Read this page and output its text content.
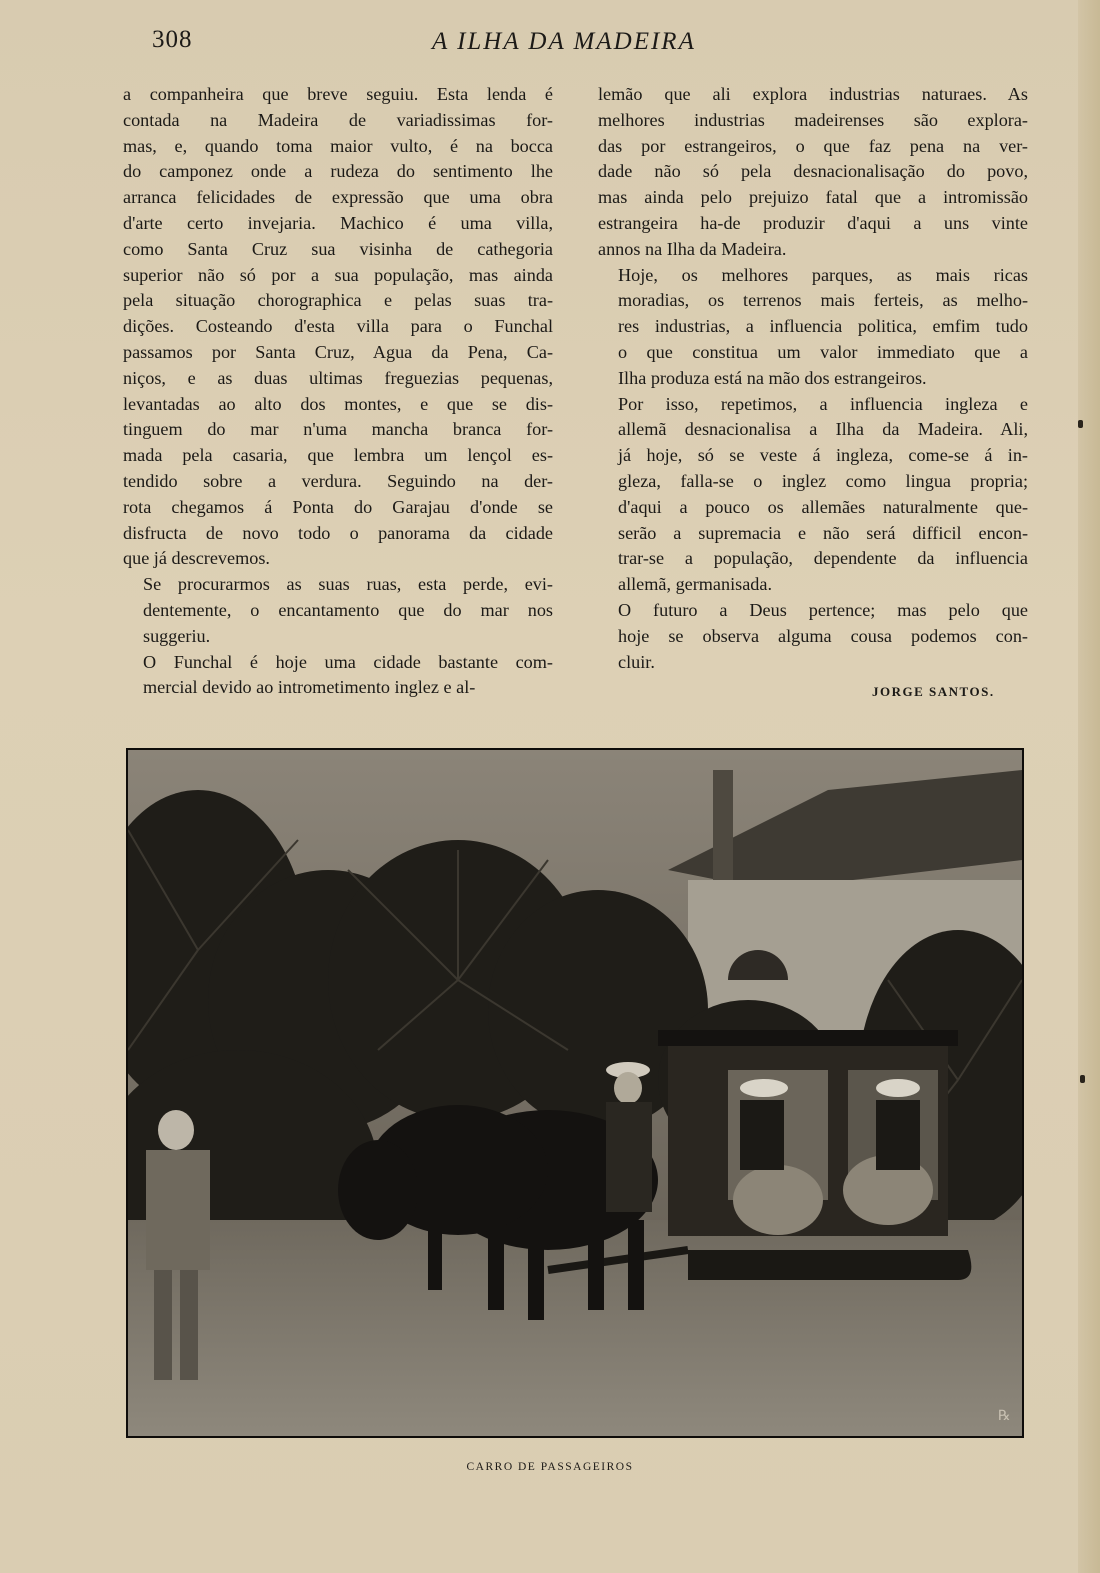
308	A ILHA DA MADEIRA

a companheira que breve seguiu. Esta lenda é
contada na Madeira de variadissimas for-
mas, e, quando toma maior vulto, é na bocca
do camponez onde a rudeza do sentimento lhe
arranca felicidades de expressão que uma obra
d'arte certo invejaria. Machico é uma villa,
como Santa Cruz sua visinha de cathegoria
superior não só por a sua população, mas ainda
pela situação chorographica e pelas suas tra-
dições. Costeando d'esta villa para o Funchal
passamos por Santa Cruz, Agua da Pena, Ca-
niços, e as duas ultimas freguezias pequenas,
levantadas ao alto dos montes, e que se dis-
tinguem do mar n'uma mancha branca for-
mada pela casaria, que lembra um lençol es-
tendido sobre a verdura. Seguindo na der-
rota chegamos á Ponta do Garajau d'onde se
disfructa de novo todo o panorama da cidade
que já descrevemos.

Se procurarmos as suas ruas, esta perde, evi-
dentemente, o encantamento que do mar nos
suggeriu.

O Funchal é hoje uma cidade bastante com-
mercial devido ao intrometimento inglez e al-

lemão que ali explora industrias naturaes. As
melhores industrias madeirenses são explora-
das por estrangeiros, o que faz pena na ver-
dade não só pela desnacionalisação do povo,
mas ainda pelo prejuizo fatal que a intromissão
estrangeira ha-de produzir d'aqui a uns vinte
annos na Ilha da Madeira.

Hoje, os melhores parques, as mais ricas
moradias, os terrenos mais ferteis, as melho-
res industrias, a influencia politica, emfim tudo
o que constitua um valor immediato que a
Ilha produza está na mão dos estrangeiros.

Por isso, repetimos, a influencia ingleza e
allemã desnacionalisa a Ilha da Madeira. Ali,
já hoje, só se veste á ingleza, come-se á in-
gleza, falla-se o inglez como lingua propria;
d'aqui a pouco os allemães naturalmente que-
serão a supremacia e não será difficil encon-
trar-se a população, dependente da influencia
allemã, germanisada.

O futuro a Deus pertence; mas pelo que
hoje se observa alguma cousa podemos con-
cluir.

JORGE SANTOS.
℞
CARRO DE PASSAGEIROS
